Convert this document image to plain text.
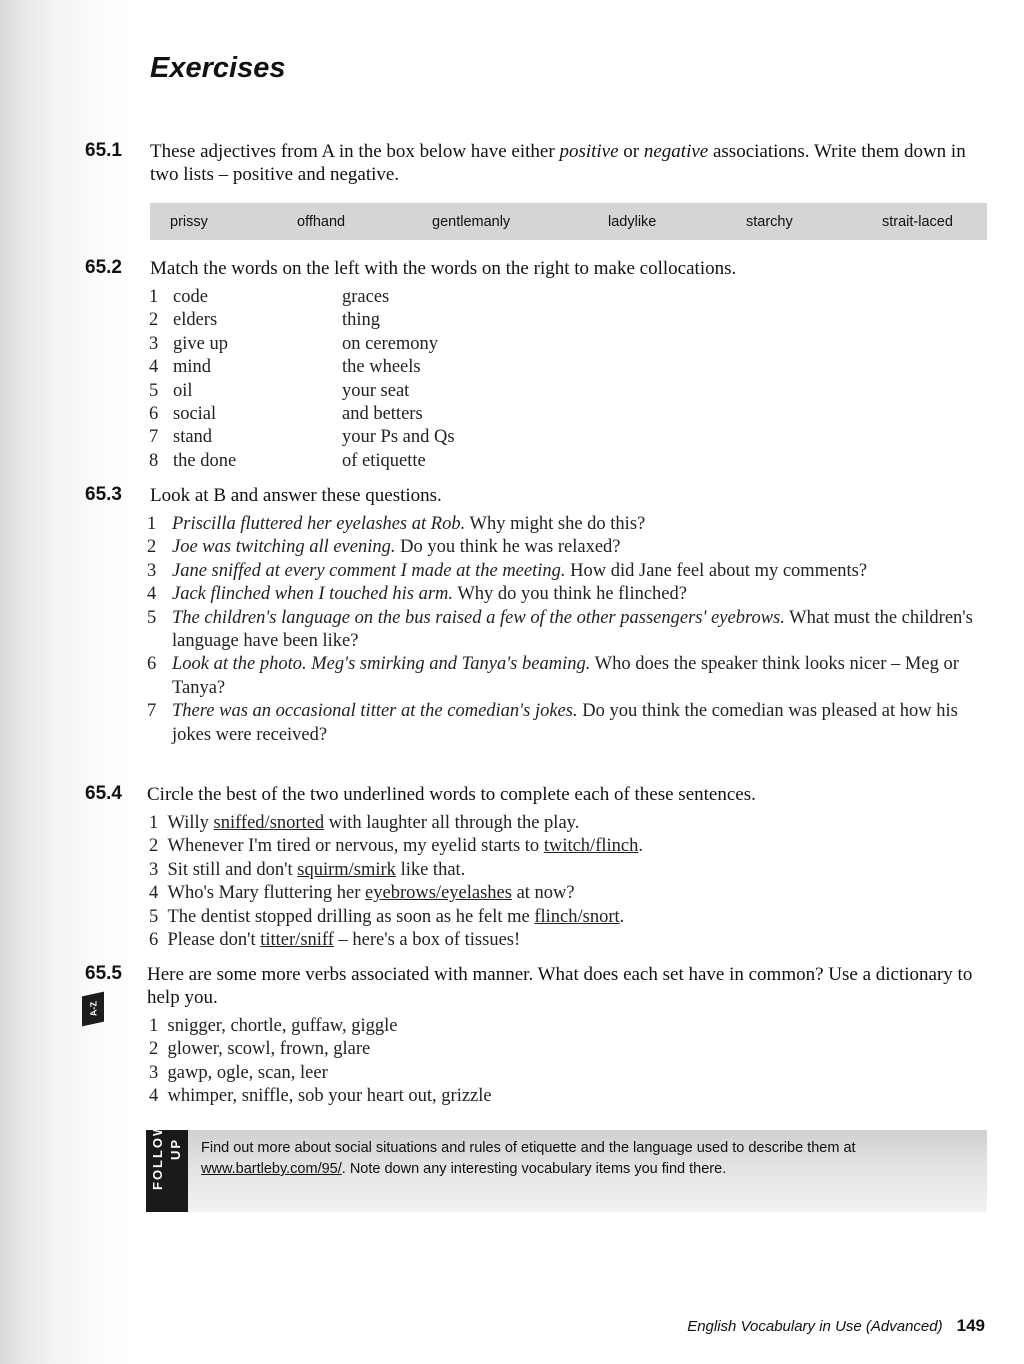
Exercises
65.1 These adjectives from A in the box below have either positive or negative associations. Write them down in two lists – positive and negative.
prissy	offhand	gentlemanly	ladylike	starchy	strait-laced
65.2 Match the words on the left with the words on the right to make collocations.
1 code	graces
2 elders	thing
3 give up	on ceremony
4 mind	the wheels
5 oil	your seat
6 social	and betters
7 stand	your Ps and Qs
8 the done	of etiquette
65.3 Look at B and answer these questions.
1 Priscilla fluttered her eyelashes at Rob. Why might she do this?
2 Joe was twitching all evening. Do you think he was relaxed?
3 Jane sniffed at every comment I made at the meeting. How did Jane feel about my comments?
4 Jack flinched when I touched his arm. Why do you think he flinched?
5 The children's language on the bus raised a few of the other passengers' eyebrows. What must the children's language have been like?
6 Look at the photo. Meg's smirking and Tanya's beaming. Who does the speaker think looks nicer – Meg or Tanya?
7 There was an occasional titter at the comedian's jokes. Do you think the comedian was pleased at how his jokes were received?
65.4 Circle the best of the two underlined words to complete each of these sentences.
1 Willy sniffed/snorted with laughter all through the play.
2 Whenever I'm tired or nervous, my eyelid starts to twitch/flinch.
3 Sit still and don't squirm/smirk like that.
4 Who's Mary fluttering her eyebrows/eyelashes at now?
5 The dentist stopped drilling as soon as he felt me flinch/snort.
6 Please don't titter/sniff – here's a box of tissues!
65.5
A-Z
Here are some more verbs associated with manner. What does each set have in common? Use a dictionary to help you.
1 snigger, chortle, guffaw, giggle
2 glower, scowl, frown, glare
3 gawp, ogle, scan, leer
4 whimper, sniffle, sob your heart out, grizzle
FOLLOW UP Find out more about social situations and rules of etiquette and the language used to describe them at www.bartleby.com/95/. Note down any interesting vocabulary items you find there.
English Vocabulary in Use (Advanced) 149
